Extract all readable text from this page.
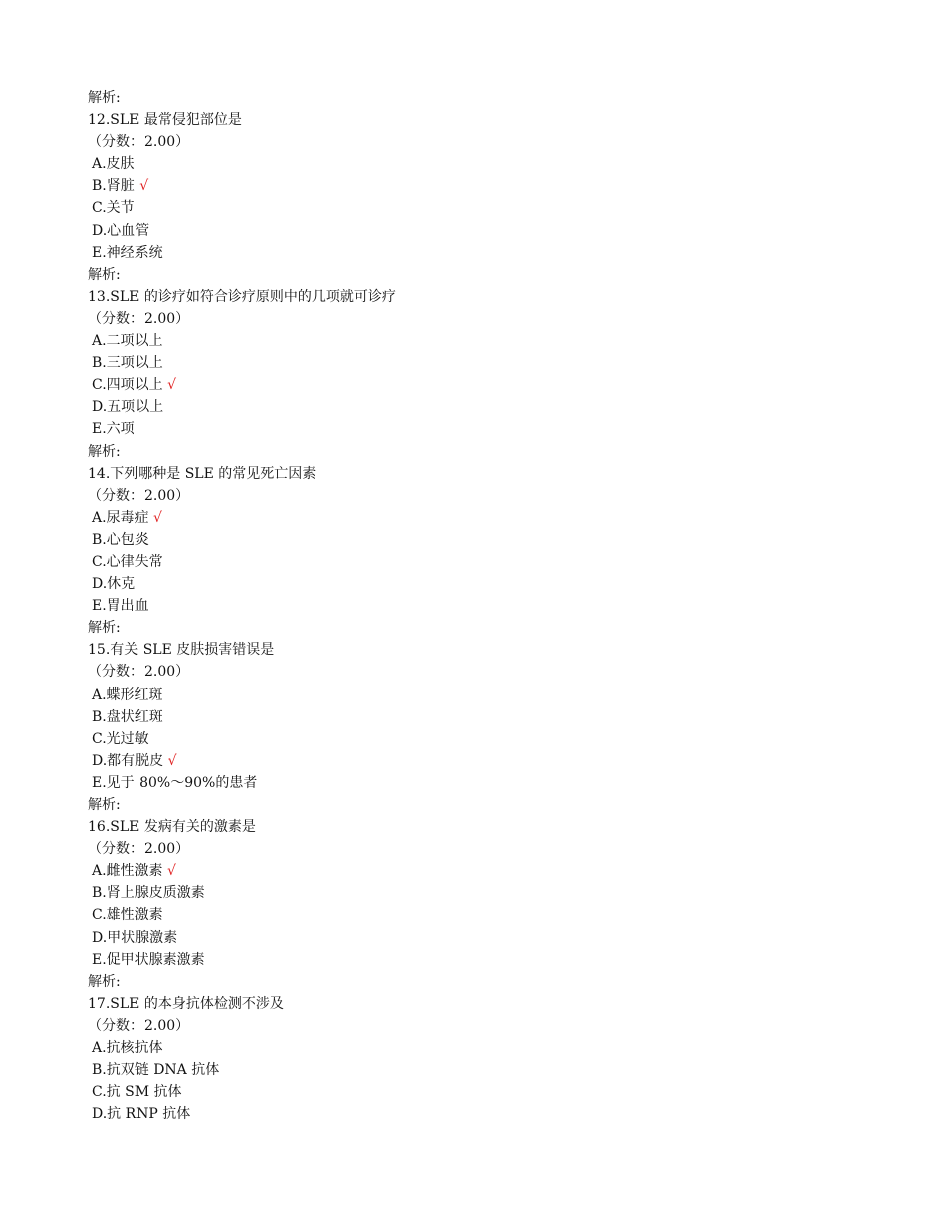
解析:
12.SLE 最常侵犯部位是
（分数：2.00）
A.皮肤
B.肾脏 √
C.关节
D.心血管
E.神经系统
解析:
13.SLE 的诊疗如符合诊疗原则中的几项就可诊疗
（分数：2.00）
A.二项以上
B.三项以上
C.四项以上 √
D.五项以上
E.六项
解析:
14.下列哪种是 SLE 的常见死亡因素
（分数：2.00）
A.尿毒症 √
B.心包炎
C.心律失常
D.休克
E.胃出血
解析:
15.有关 SLE 皮肤损害错误是
（分数：2.00）
A.蝶形红斑
B.盘状红斑
C.光过敏
D.都有脱皮 √
E.见于 80%～90%的患者
解析:
16.SLE 发病有关的激素是
（分数：2.00）
A.雌性激素 √
B.肾上腺皮质激素
C.雄性激素
D.甲状腺激素
E.促甲状腺素激素
解析:
17.SLE 的本身抗体检测不涉及
（分数：2.00）
A.抗核抗体
B.抗双链 DNA 抗体
C.抗 SM 抗体
D.抗 RNP 抗体
